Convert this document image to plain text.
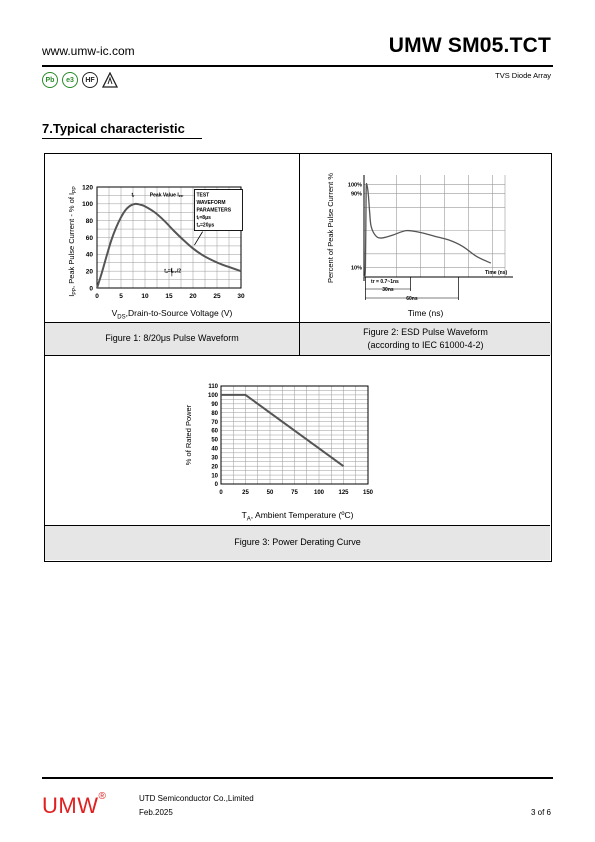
www.umw-ic.com	UMW SM05.TCT
TVS Diode Array
Pb	e3	HF
7.Typical characteristic
0	5	10	15	20	25	30
0
20
40
60
80
100
120
$I_{PP}$, Peak Pulse Current - % of $I_{PP}$
tᵣ	Peak Value Iₚₚ	TEST
WAVEFORM
PARAMETERS
tᵣ=8μs
tₐ=20μs
tₐ=Iₚₚ/2
$V_{DS},Drain-to$-Source Voltage (V)
Figure 1: 8/20μs Pulse Waveform
100%
90%
10%
Percent of Peak Pulse Current %	Time (ns)
tr = 0.7~1ns
30ns
60ns
Time (ns)
Figure 2: ESD Pulse Waveform
(according to IEC 61000-4-2)
0	25	50	75	100 125 150
0
10
20
30
40
50
60
70
80
90
100
110
% of Rated Power
$T_A$, Ambient Temperature (ºC)
Figure 3: Power Derating Curve
UMW®	UTD Semiconductor Co.,Limited
Feb.2025	3 of 6
